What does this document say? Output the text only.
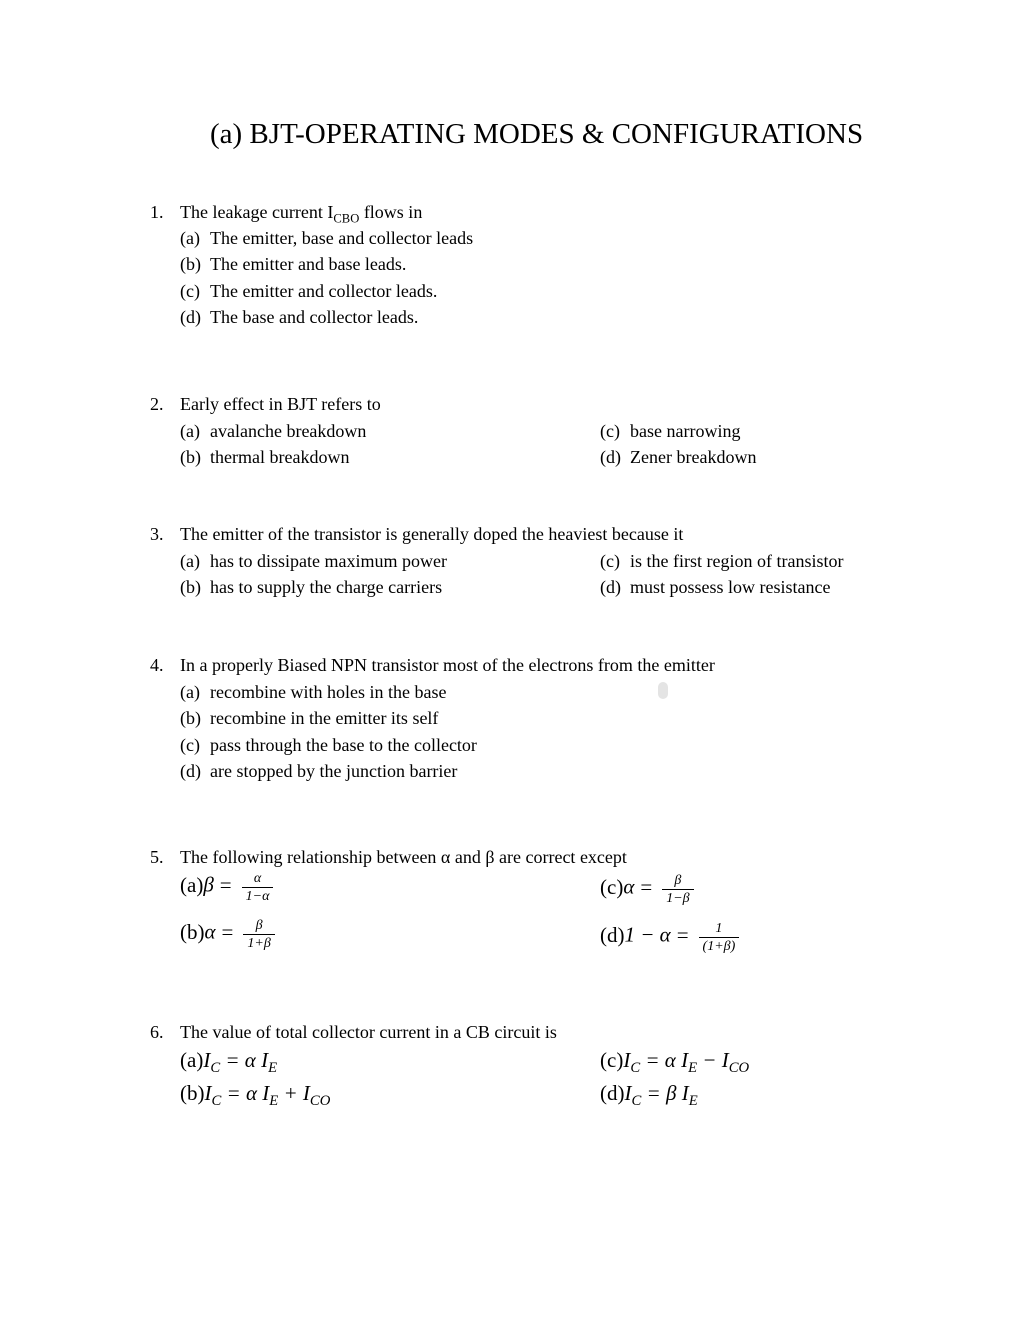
(a) BJT-OPERATING MODES & CONFIGURATIONS
1. The leakage current $I_{CBO}$ flows in
(a) The emitter, base and collector leads
(b) The emitter and base leads.
(c) The emitter and collector leads.
(d) The base and collector leads.
2. Early effect in BJT refers to
(a) avalanche breakdown
(b) thermal breakdown
(c) base narrowing
(d) Zener breakdown
3. The emitter of the transistor is generally doped the heaviest because it
(a) has to dissipate maximum power
(b) has to supply the charge carriers
(c) is the first region of transistor
(d) must possess low resistance
4. In a properly Biased NPN transistor most of the electrons from the emitter
(a) recombine with holes in the base
(b) recombine in the emitter its self
(c) pass through the base to the collector
(d) are stopped by the junction barrier
5. The following relationship between α and β are correct except
$(a)\beta = \frac{\alpha}{1-\alpha}$
$(b)\alpha = \frac{\beta}{1+\beta}$
$(c)\alpha = \frac{\beta}{1-\beta}$
$(d)1 - \alpha = \frac{1}{(1+\beta)}$
6. The value of total collector current in a CB circuit is
$(a)I_C = \alpha$ $I_E$
$(b)I_C = \alpha$ $I_E + I_{CO}$
$(c)I_C = \alpha$ $I_E - I_{CO}$
$(d)I_C = \beta$ $I_E$
